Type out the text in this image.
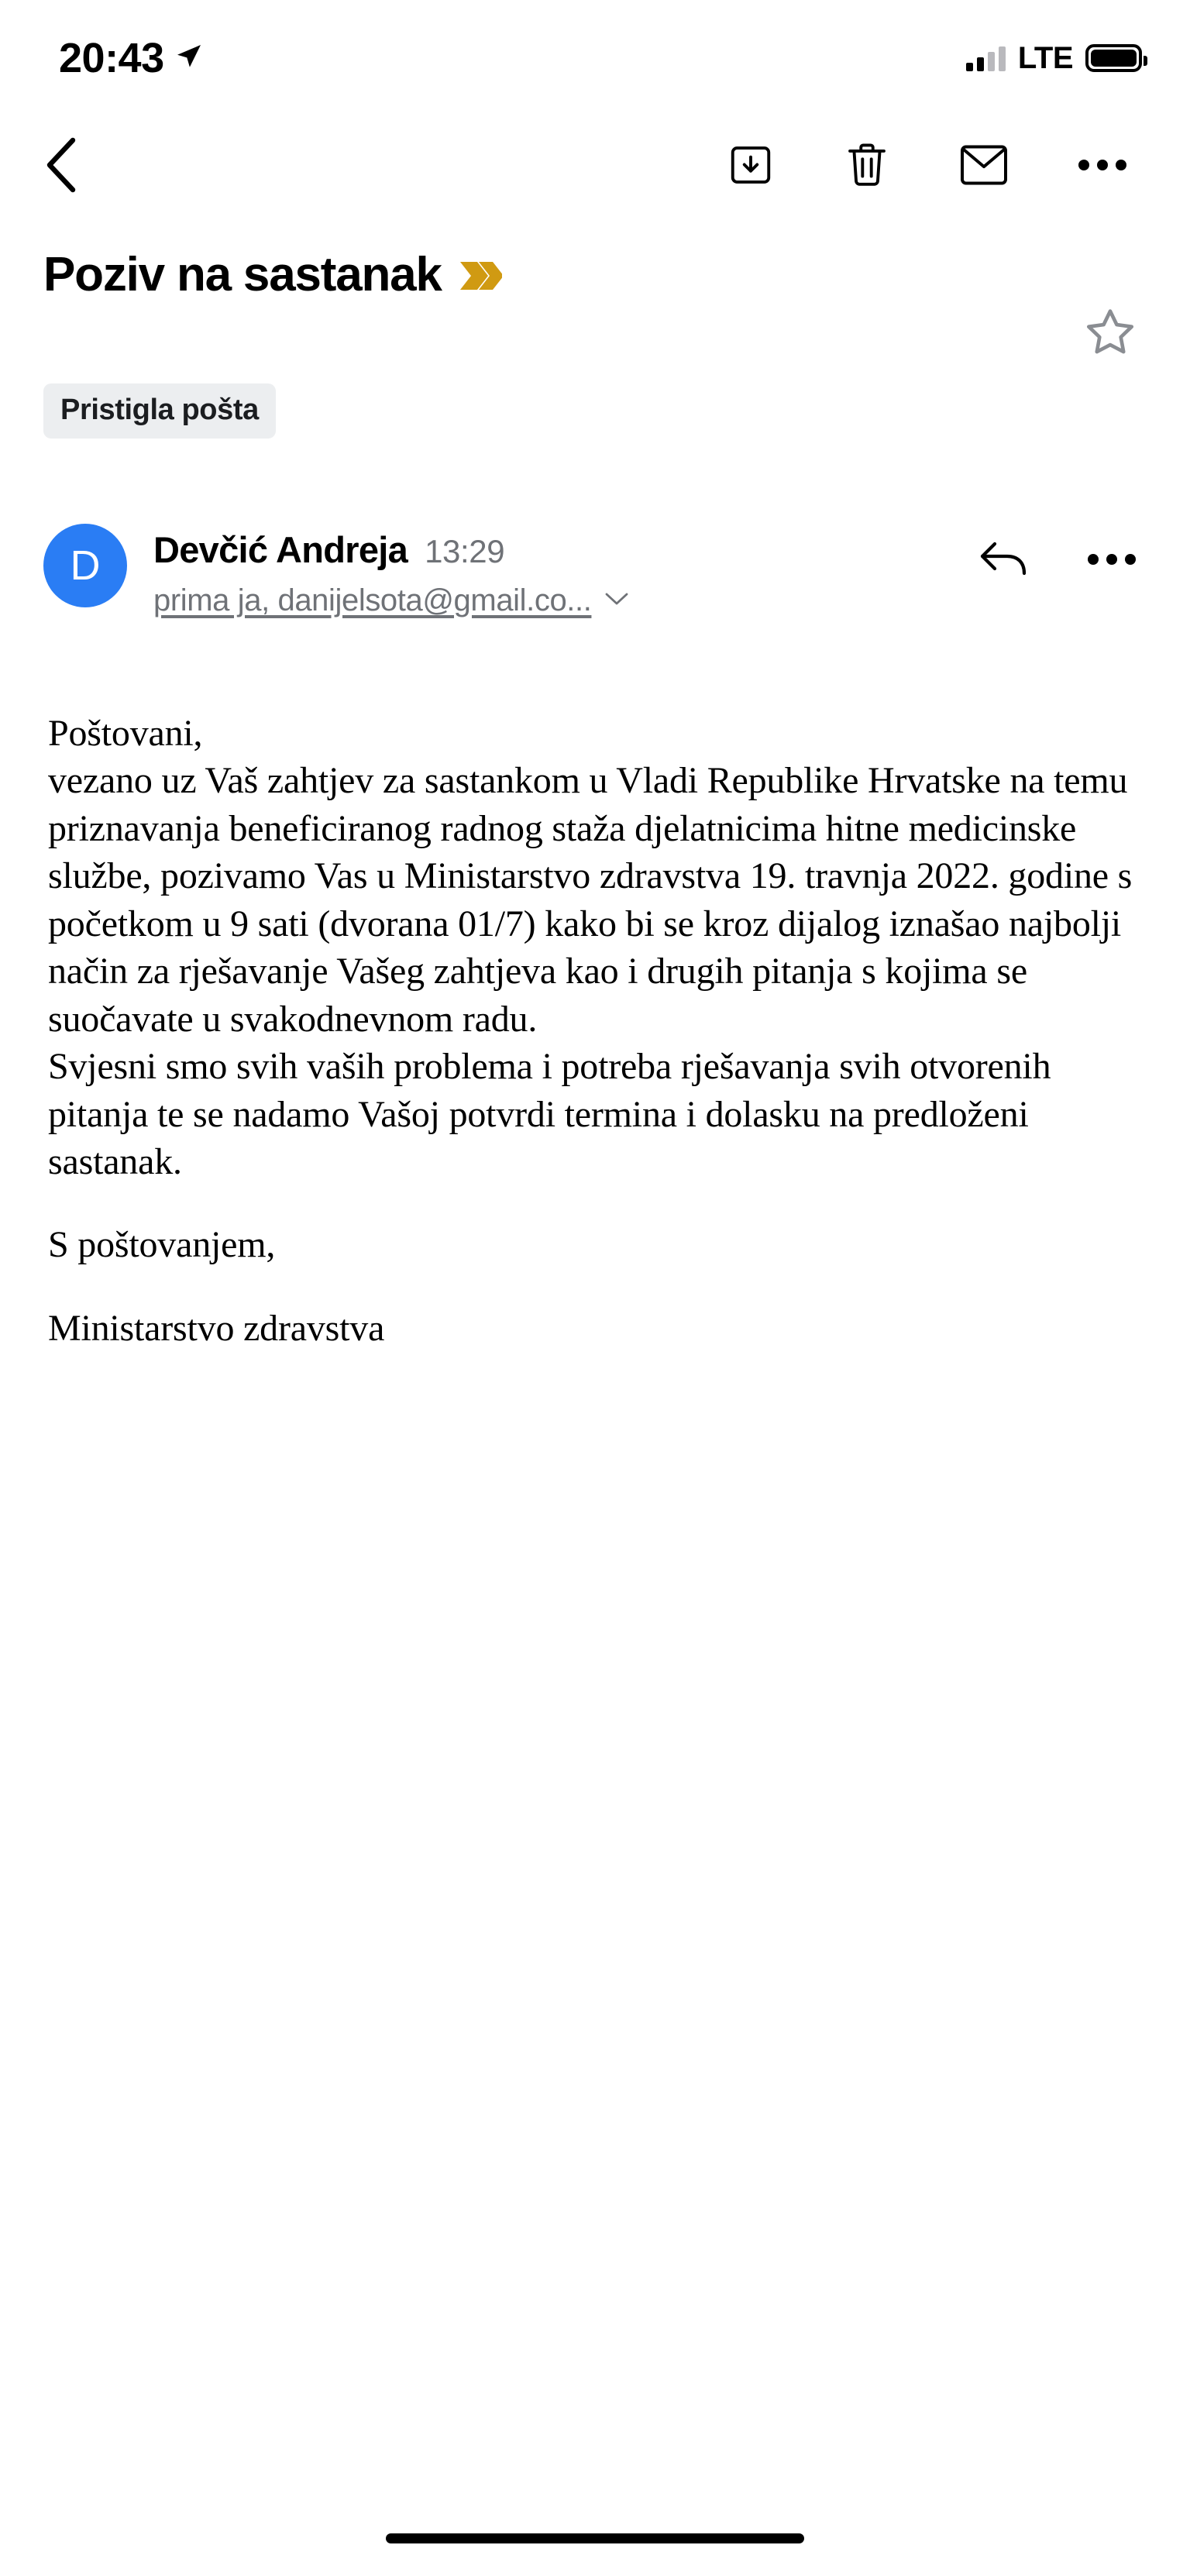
20:43	LTE
Poziv na sastanak
Pristigla pošta
D	Devčić Andreja 13:29
prima ja, danijelsota@gmail.co...

Poštovani,

vezano uz Vaš zahtjev za sastankom u Vladi Republike Hrvatske na temu priznavanja beneficiranog radnog staža djelatnicima hitne medicinske službe, pozivamo Vas u Ministarstvo zdravstva 19. travnja 2022. godine s početkom u 9 sati (dvorana 01/7) kako bi se kroz dijalog iznašao najbolji način za rješavanje Vašeg zahtjeva kao i drugih pitanja s kojima se suočavate u svakodnevnom radu.

Svjesni smo svih vaših problema i potreba rješavanja svih otvorenih pitanja te se nadamo Vašoj potvrdi termina i dolasku na predloženi sastanak.

S poštovanjem,

Ministarstvo zdravstva
